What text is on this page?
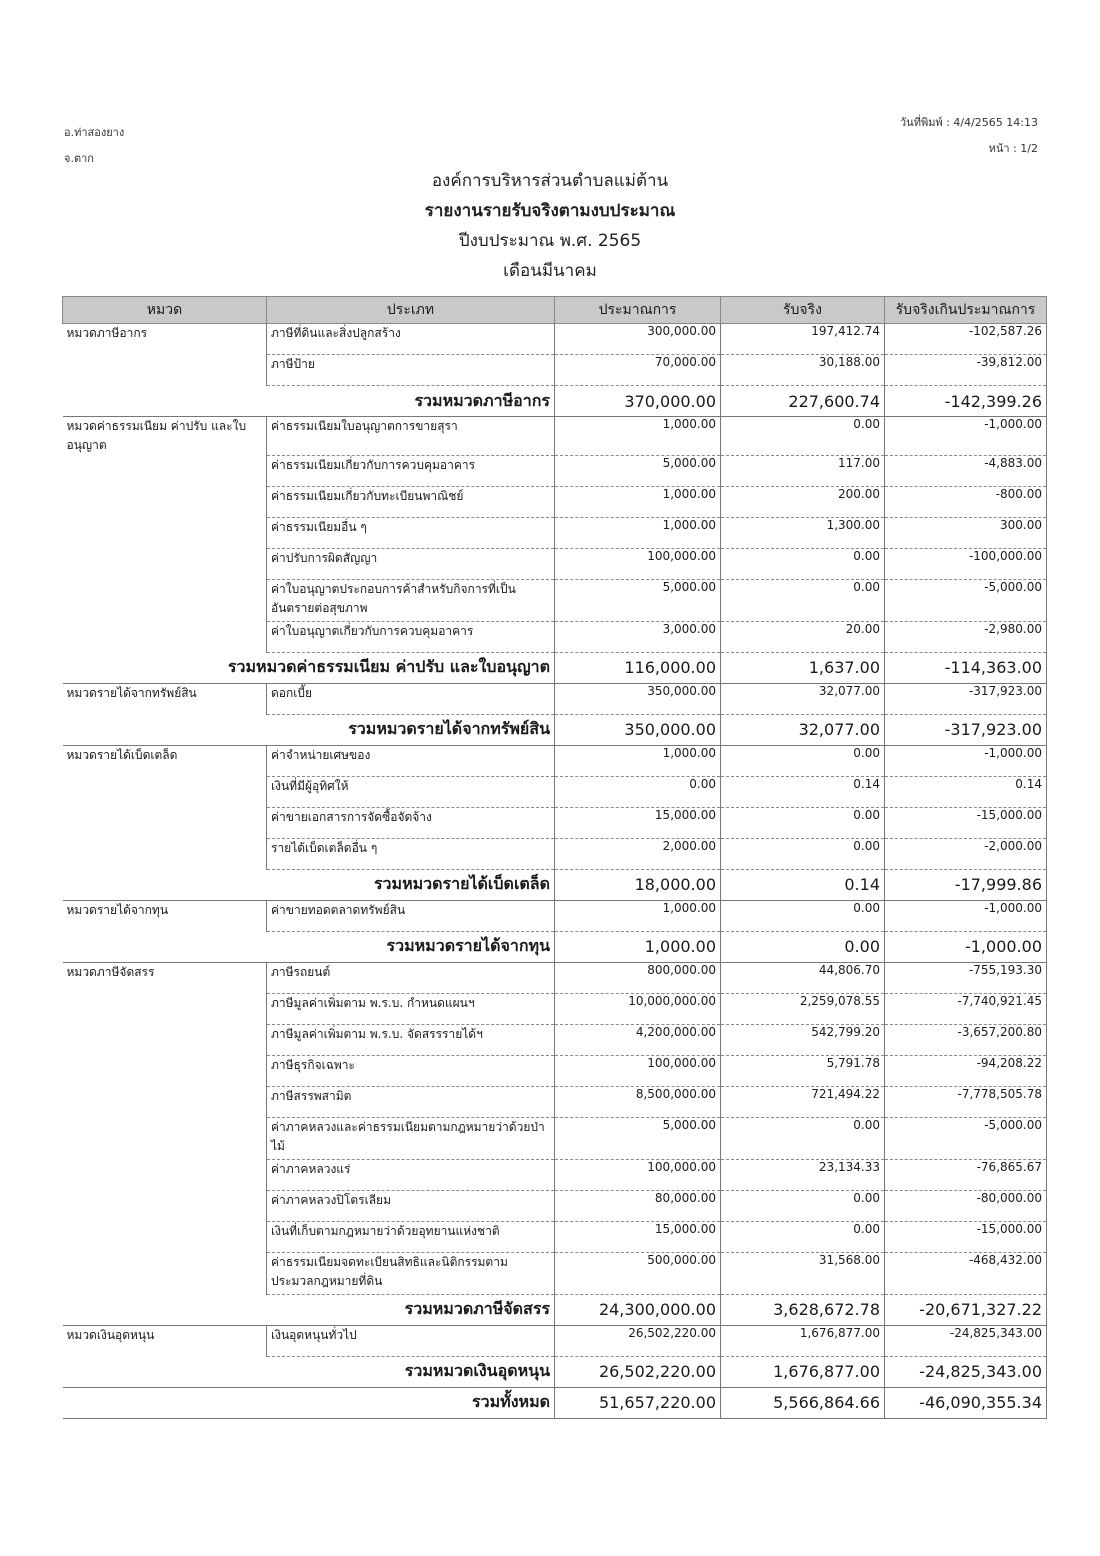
อ.ท่าสองยาง
จ.ตาก
วันที่พิมพ์ : 4/4/2565 14:13
หน้า : 1/2
องค์การบริหารส่วนตำบลแม่ต้าน
รายงานรายรับจริงตามงบประมาณ
ปีงบประมาณ พ.ศ. 2565
เดือนมีนาคม
หมวด	ประเภท	ประมาณการ	รับจริง	รับจริงเกินประมาณการ
หมวดภาษีอากร	ภาษีที่ดินและสิ่งปลูกสร้าง	300,000.00	197,412.74	-102,587.26
	ภาษีป้าย	70,000.00	30,188.00	-39,812.00
รวมหมวดภาษีอากร		370,000.00	227,600.74	-142,399.26
หมวดค่าธรรมเนียม ค่าปรับ และใบอนุญาต	ค่าธรรมเนียมใบอนุญาตการขายสุรา	1,000.00	0.00	-1,000.00
	ค่าธรรมเนียมเกี่ยวกับการควบคุมอาคาร	5,000.00	117.00	-4,883.00
	ค่าธรรมเนียมเกี่ยวกับทะเบียนพาณิชย์	1,000.00	200.00	-800.00
	ค่าธรรมเนียมอื่น ๆ	1,000.00	1,300.00	300.00
	ค่าปรับการผิดสัญญา	100,000.00	0.00	-100,000.00
	ค่าใบอนุญาตประกอบการค้าสำหรับกิจการที่เป็นอันตรายต่อสุขภาพ	5,000.00	0.00	-5,000.00
	ค่าใบอนุญาตเกี่ยวกับการควบคุมอาคาร	3,000.00	20.00	-2,980.00
รวมหมวดค่าธรรมเนียม ค่าปรับ และใบอนุญาต		116,000.00	1,637.00	-114,363.00
หมวดรายได้จากทรัพย์สิน	ดอกเบี้ย	350,000.00	32,077.00	-317,923.00
รวมหมวดรายได้จากทรัพย์สิน		350,000.00	32,077.00	-317,923.00
หมวดรายได้เบ็ดเตล็ด	ค่าจำหน่ายเศษของ	1,000.00	0.00	-1,000.00
	เงินที่มีผู้อุทิศให้	0.00	0.14	0.14
	ค่าขายเอกสารการจัดซื้อจัดจ้าง	15,000.00	0.00	-15,000.00
	รายได้เบ็ดเตล็ดอื่น ๆ	2,000.00	0.00	-2,000.00
รวมหมวดรายได้เบ็ดเตล็ด		18,000.00	0.14	-17,999.86
หมวดรายได้จากทุน	ค่าขายทอดตลาดทรัพย์สิน	1,000.00	0.00	-1,000.00
รวมหมวดรายได้จากทุน		1,000.00	0.00	-1,000.00
หมวดภาษีจัดสรร	ภาษีรถยนต์	800,000.00	44,806.70	-755,193.30
	ภาษีมูลค่าเพิ่มตาม พ.ร.บ. กำหนดแผนฯ	10,000,000.00	2,259,078.55	-7,740,921.45
	ภาษีมูลค่าเพิ่มตาม พ.ร.บ. จัดสรรรายได้ฯ	4,200,000.00	542,799.20	-3,657,200.80
	ภาษีธุรกิจเฉพาะ	100,000.00	5,791.78	-94,208.22
	ภาษีสรรพสามิต	8,500,000.00	721,494.22	-7,778,505.78
	ค่าภาคหลวงและค่าธรรมเนียมตามกฎหมายว่าด้วยป่าไม้	5,000.00	0.00	-5,000.00
	ค่าภาคหลวงแร่	100,000.00	23,134.33	-76,865.67
	ค่าภาคหลวงปิโตรเลียม	80,000.00	0.00	-80,000.00
	เงินที่เก็บตามกฎหมายว่าด้วยอุทยานแห่งชาติ	15,000.00	0.00	-15,000.00
	ค่าธรรมเนียมจดทะเบียนสิทธิและนิติกรรมตามประมวลกฎหมายที่ดิน	500,000.00	31,568.00	-468,432.00
รวมหมวดภาษีจัดสรร		24,300,000.00	3,628,672.78	-20,671,327.22
หมวดเงินอุดหนุน	เงินอุดหนุนทั่วไป	26,502,220.00	1,676,877.00	-24,825,343.00
รวมหมวดเงินอุดหนุน		26,502,220.00	1,676,877.00	-24,825,343.00
รวมทั้งหมด		51,657,220.00	5,566,864.66	-46,090,355.34
